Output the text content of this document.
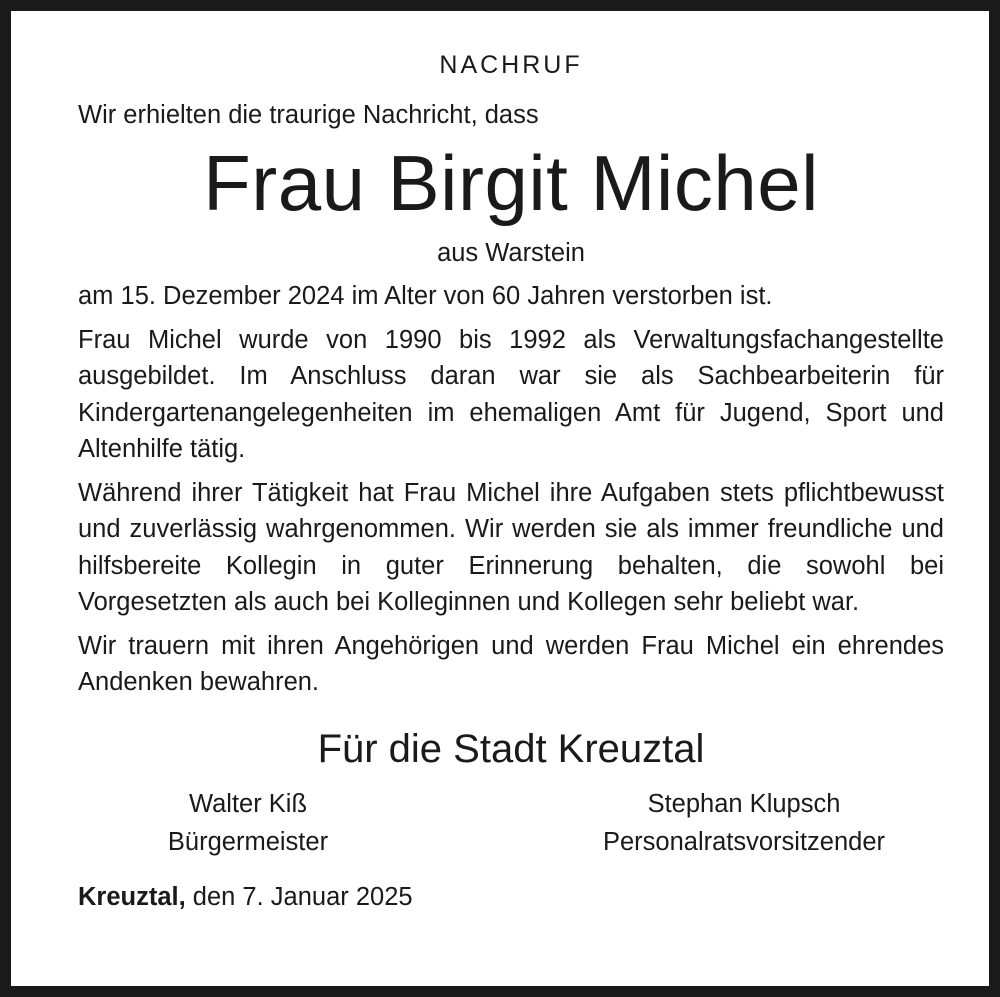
NACHRUF
Wir erhielten die traurige Nachricht, dass
Frau Birgit Michel
aus Warstein
am 15. Dezember 2024 im Alter von 60 Jahren verstorben ist.
Frau Michel wurde von 1990 bis 1992 als Verwaltungsfachangestellte ausgebildet. Im Anschluss daran war sie als Sachbearbeiterin für Kindergartenangelegenheiten im ehemaligen Amt für Jugend, Sport und Altenhilfe tätig.
Während ihrer Tätigkeit hat Frau Michel ihre Aufgaben stets pflichtbewusst und zuverlässig wahrgenommen. Wir werden sie als immer freundliche und hilfsbereite Kollegin in guter Erinnerung behalten, die sowohl bei Vorgesetzten als auch bei Kolleginnen und Kollegen sehr beliebt war.
Wir trauern mit ihren Angehörigen und werden Frau Michel ein ehrendes Andenken bewahren.
Für die Stadt Kreuztal
Walter Kiß
Bürgermeister
Stephan Klupsch
Personalratsvorsitzender
Kreuztal, den 7. Januar 2025
